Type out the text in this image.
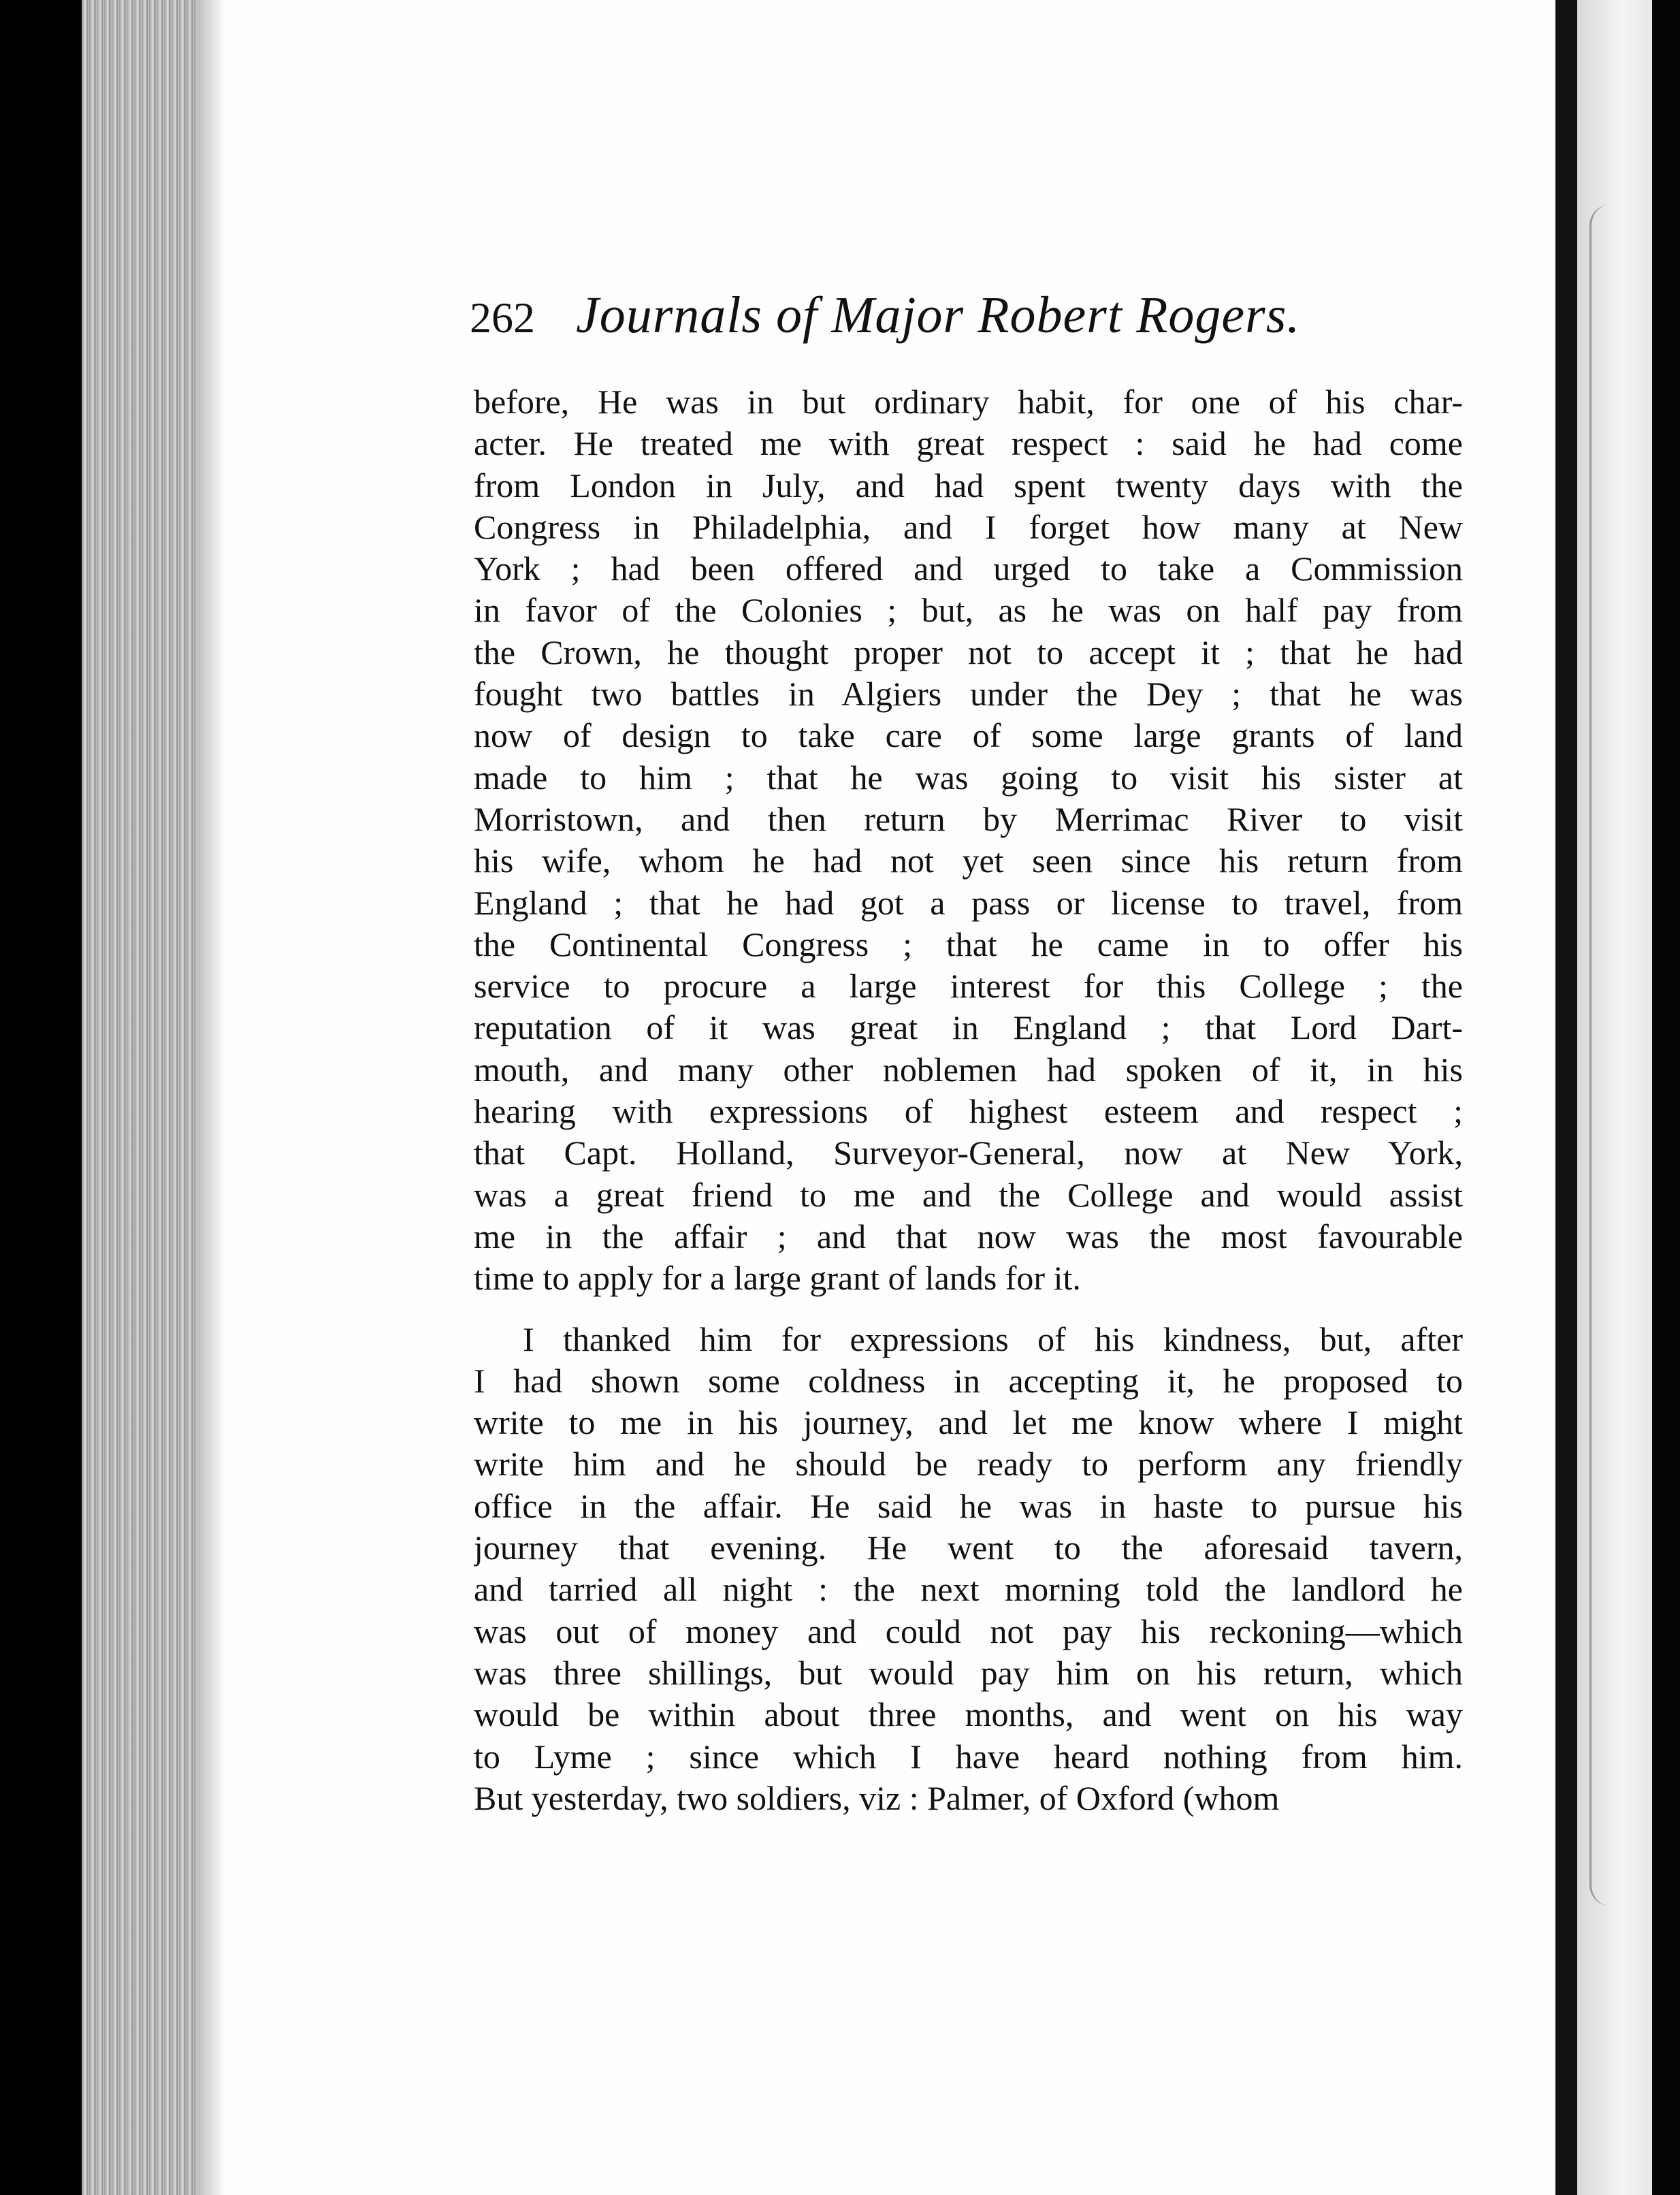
262 Journals of Major Robert Rogers.
before, He was in but ordinary habit, for one of his char-
acter. He treated me with great respect : said he had come
from London in July, and had spent twenty days with the
Congress in Philadelphia, and I forget how many at New
York ; had been offered and urged to take a Commission
in favor of the Colonies ; but, as he was on half pay from
the Crown, he thought proper not to accept it ; that he had
fought two battles in Algiers under the Dey ; that he was
now of design to take care of some large grants of land
made to him ; that he was going to visit his sister at
Morristown, and then return by Merrimac River to visit
his wife, whom he had not yet seen since his return from
England ; that he had got a pass or license to travel, from
the Continental Congress ; that he came in to offer his
service to procure a large interest for this College ; the
reputation of it was great in England ; that Lord Dart-
mouth, and many other noblemen had spoken of it, in his
hearing with expressions of highest esteem and respect ;
that Capt. Holland, Surveyor-General, now at New York,
was a great friend to me and the College and would assist
me in the affair ; and that now was the most favourable
time to apply for a large grant of lands for it.
I thanked him for expressions of his kindness, but, after
I had shown some coldness in accepting it, he proposed to
write to me in his journey, and let me know where I might
write him and he should be ready to perform any friendly
office in the affair. He said he was in haste to pursue his
journey that evening. He went to the aforesaid tavern,
and tarried all night : the next morning told the landlord he
was out of money and could not pay his reckoning—which
was three shillings, but would pay him on his return, which
would be within about three months, and went on his way
to Lyme ; since which I have heard nothing from him.
But yesterday, two soldiers, viz : Palmer, of Oxford (whom
